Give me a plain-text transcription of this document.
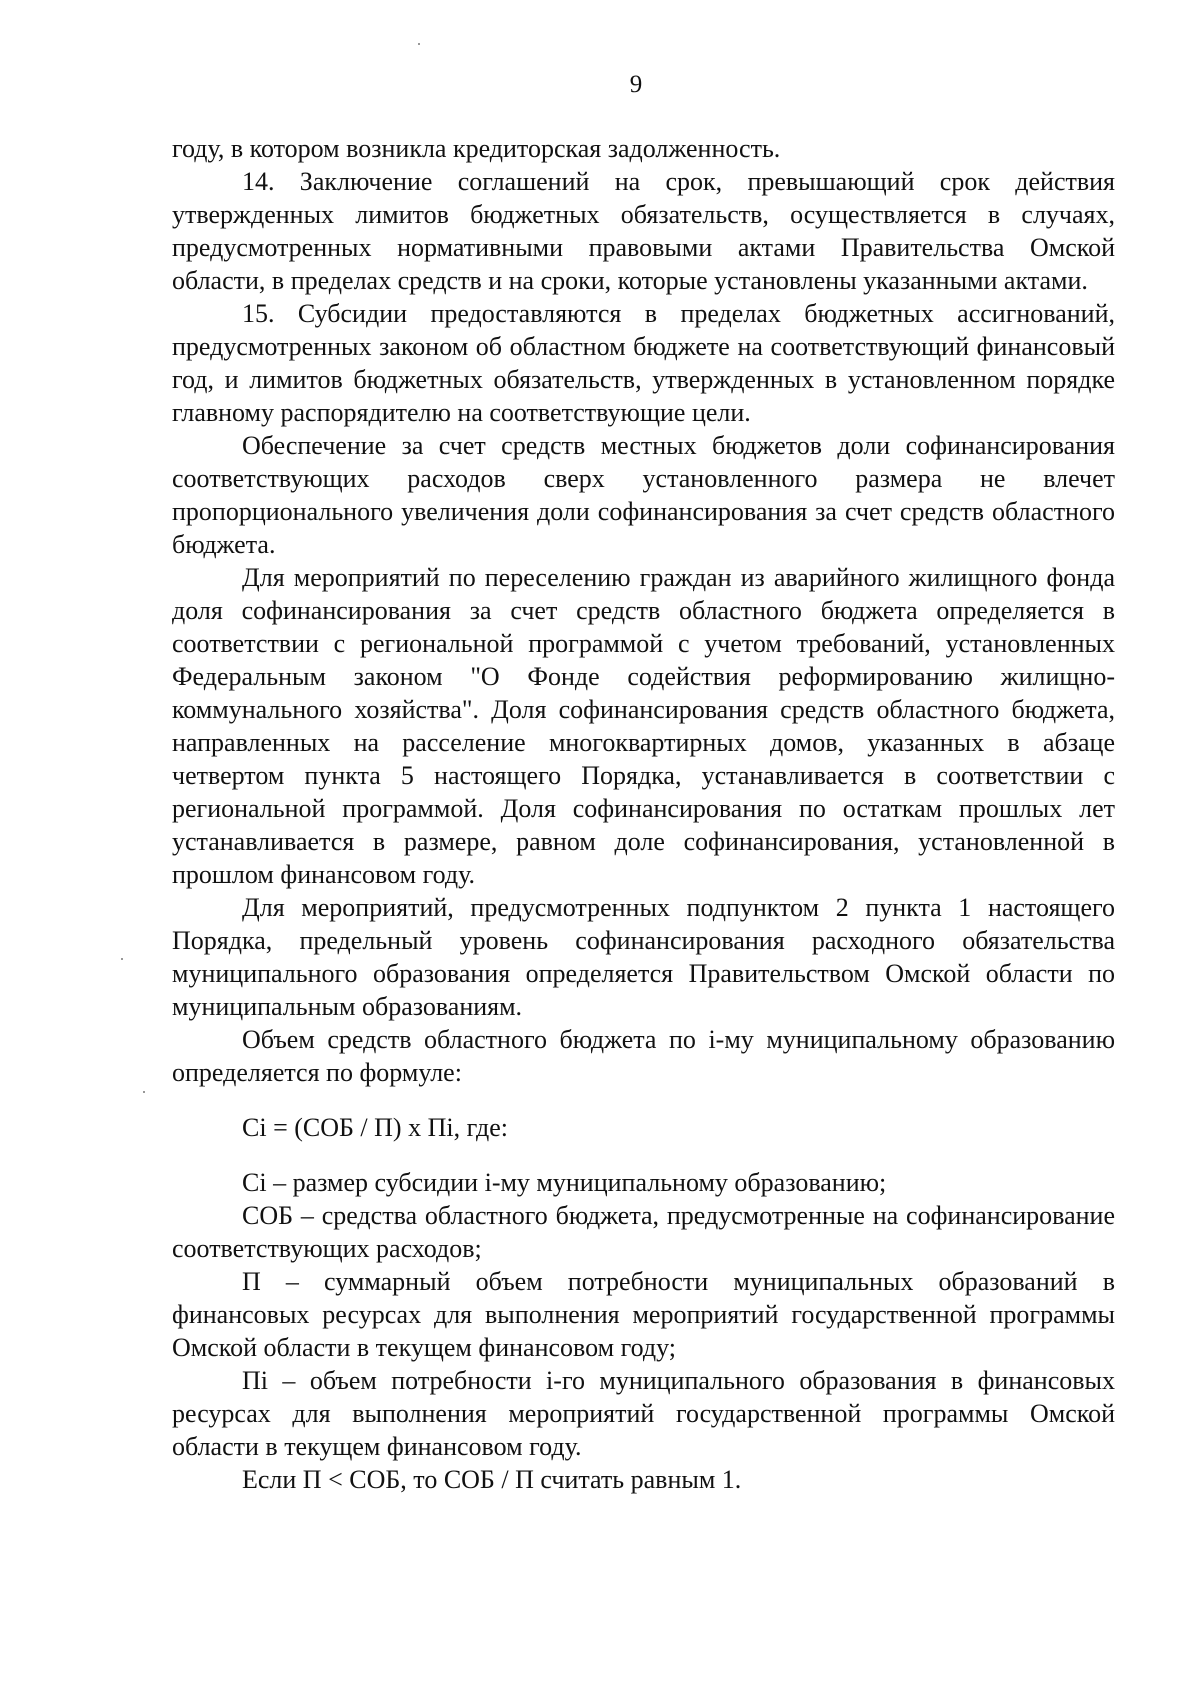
9

году, в котором возникла кредиторская задолженность.

14. Заключение соглашений на срок, превышающий срок действия утвержденных лимитов бюджетных обязательств, осуществляется в случаях, предусмотренных нормативными правовыми актами Правительства Омской области, в пределах средств и на сроки, которые установлены указанными актами.

15. Субсидии предоставляются в пределах бюджетных ассигнований, предусмотренных законом об областном бюджете на соответствующий финансовый год, и лимитов бюджетных обязательств, утвержденных в установленном порядке главному распорядителю на соответствующие цели.

Обеспечение за счет средств местных бюджетов доли софинансирования соответствующих расходов сверх установленного размера не влечет пропорционального увеличения доли софинансирования за счет средств областного бюджета.

Для мероприятий по переселению граждан из аварийного жилищного фонда доля софинансирования за счет средств областного бюджета определяется в соответствии с региональной программой с учетом требований, установленных Федеральным законом "О Фонде содействия реформированию жилищно-коммунального хозяйства". Доля софинансирования средств областного бюджета, направленных на расселение многоквартирных домов, указанных в абзаце четвертом пункта 5 настоящего Порядка, устанавливается в соответствии с региональной программой. Доля софинансирования по остаткам прошлых лет устанавливается в размере, равном доле софинансирования, установленной в прошлом финансовом году.

Для мероприятий, предусмотренных подпунктом 2 пункта 1 настоящего Порядка, предельный уровень софинансирования расходного обязательства муниципального образования определяется Правительством Омской области по муниципальным образованиям.

Объем средств областного бюджета по i-му муниципальному образованию определяется по формуле:

Ci = (СОБ / П) х Пi, где:

Ci – размер субсидии i-му муниципальному образованию;

СОБ – средства областного бюджета, предусмотренные на софинансирование соответствующих расходов;

П – суммарный объем потребности муниципальных образований в финансовых ресурсах для выполнения мероприятий государственной программы Омской области в текущем финансовом году;

Пi – объем потребности i-го муниципального образования в финансовых ресурсах для выполнения мероприятий государственной программы Омской области в текущем финансовом году.

Если П < СОБ, то СОБ / П считать равным 1.
